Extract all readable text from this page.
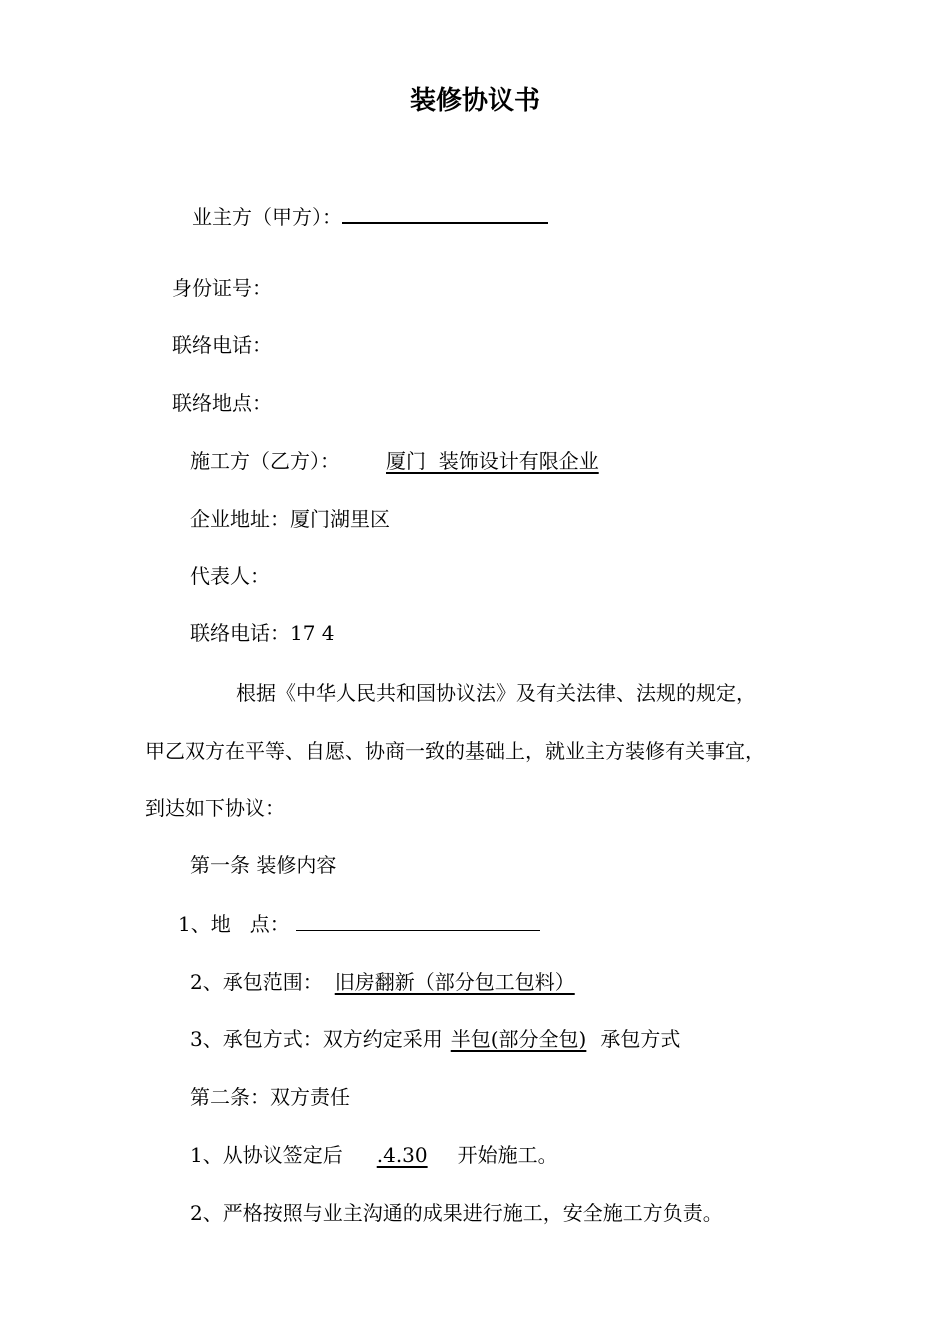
装修协议书
业主方（甲方）：
身份证号：
联络电话：
联络地点：
施工方（乙方）： 厦门  装饰设计有限企业
企业地址：厦门湖里区
代表人：
联络电话：17 4
根据《中华人民共和国协议法》及有关法律、法规的规定，
甲乙双方在平等、自愿、协商一致的基础上，就业主方装修有关事宜，
到达如下协议：
第一条 装修内容
1、地   点：
2、承包范围： 旧房翻新（部分包工包料）
3、承包方式：双方约定采用 半包(部分全包) 承包方式
第二条：双方责任
1、从协议签定后 .4.30 开始施工。
2、严格按照与业主沟通的成果进行施工，安全施工方负责。
